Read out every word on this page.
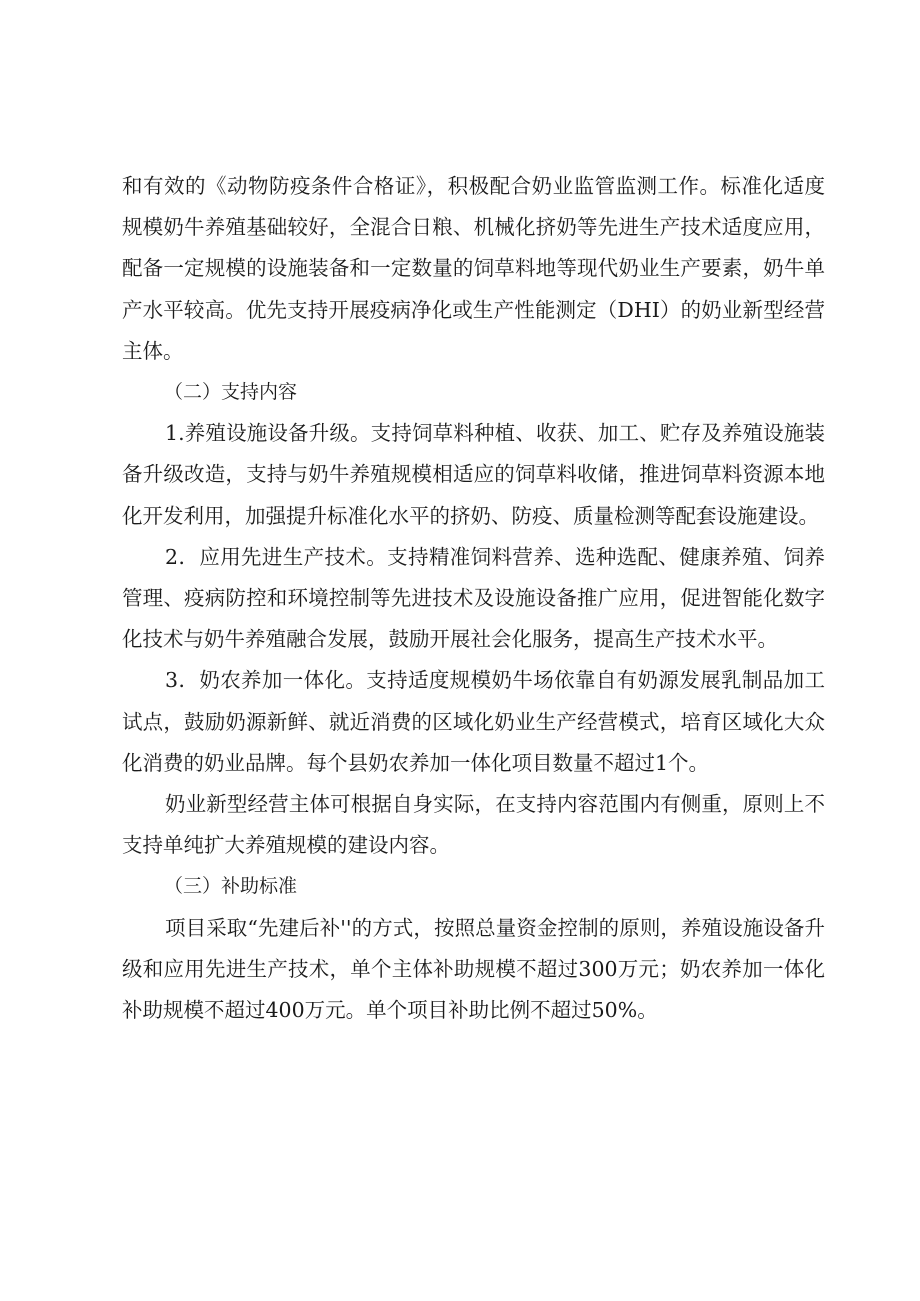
和有效的《动物防疫条件合格证》，积极配合奶业监管监测工作。标准化适度规模奶牛养殖基础较好，全混合日粮、机械化挤奶等先进生产技术适度应用，配备一定规模的设施装备和一定数量的饲草料地等现代奶业生产要素，奶牛单产水平较高。优先支持开展疫病净化或生产性能测定（DHI）的奶业新型经营主体。

（二）支持内容

1.养殖设施设备升级。支持饲草料种植、收获、加工、贮存及养殖设施装备升级改造，支持与奶牛养殖规模相适应的饲草料收储，推进饲草料资源本地化开发利用，加强提升标准化水平的挤奶、防疫、质量检测等配套设施建设。

2．应用先进生产技术。支持精准饲料营养、选种选配、健康养殖、饲养管理、疫病防控和环境控制等先进技术及设施设备推广应用，促进智能化数字化技术与奶牛养殖融合发展，鼓励开展社会化服务，提高生产技术水平。

3．奶农养加一体化。支持适度规模奶牛场依靠自有奶源发展乳制品加工试点，鼓励奶源新鲜、就近消费的区域化奶业生产经营模式，培育区域化大众化消费的奶业品牌。每个县奶农养加一体化项目数量不超过1个。

奶业新型经营主体可根据自身实际，在支持内容范围内有侧重，原则上不支持单纯扩大养殖规模的建设内容。

（三）补助标准

项目采取“先建后补''的方式，按照总量资金控制的原则，养殖设施设备升级和应用先进生产技术，单个主体补助规模不超过300万元；奶农养加一体化补助规模不超过400万元。单个项目补助比例不超过50%。
